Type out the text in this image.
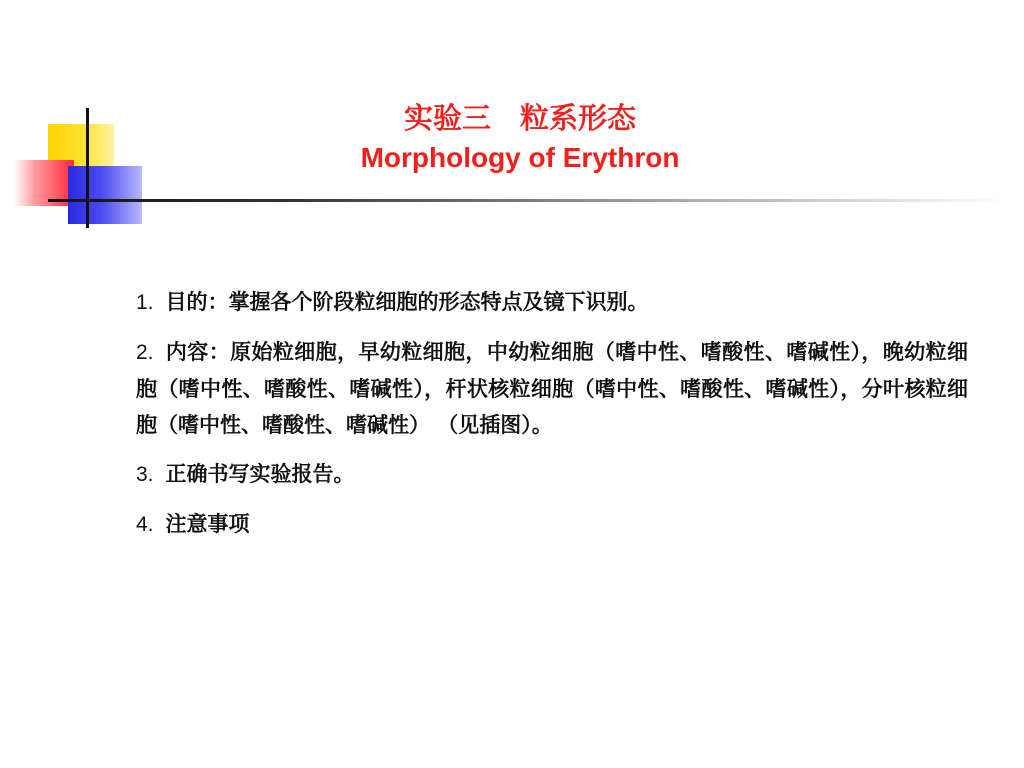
实验三　粒系形态
Morphology of Erythron
1. 目的：掌握各个阶段粒细胞的形态特点及镜下识别。
2. 内容：原始粒细胞，早幼粒细胞，中幼粒细胞（嗜中性、嗜酸性、嗜碱性），晚幼粒细胞（嗜中性、嗜酸性、嗜碱性），杆状核粒细胞（嗜中性、嗜酸性、嗜碱性），分叶核粒细胞（嗜中性、嗜酸性、嗜碱性） （见插图）。
3. 正确书写实验报告。
4. 注意事项
